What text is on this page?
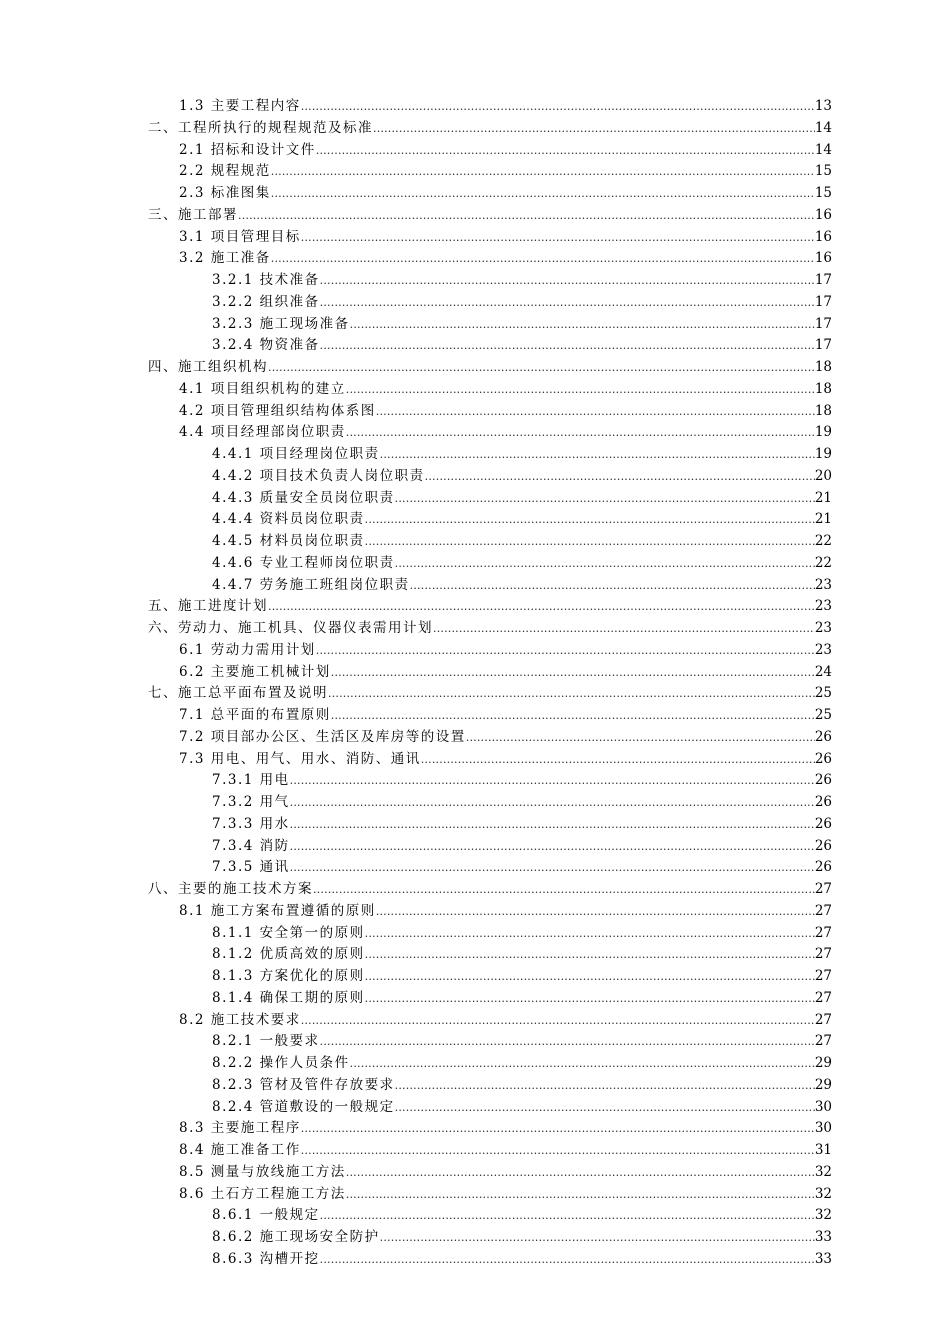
1.3 主要工程内容 .....	13
二、工程所执行的规程规范及标准 .....	14
2.1 招标和设计文件 .....	14
2.2 规程规范 .....	15
2.3 标准图集 .....	15
三、施工部署 .....	16
3.1 项目管理目标 .....	16
3.2 施工准备 .....	16
3.2.1 技术准备 .....	17
3.2.2 组织准备 .....	17
3.2.3 施工现场准备 .....	17
3.2.4 物资准备 .....	17
四、施工组织机构 .....	18
4.1 项目组织机构的建立 .....	18
4.2 项目管理组织结构体系图 .....	18
4.4 项目经理部岗位职责 .....	19
4.4.1 项目经理岗位职责 .....	19
4.4.2 项目技术负责人岗位职责 .....	20
4.4.3 质量安全员岗位职责 .....	21
4.4.4 资料员岗位职责 .....	21
4.4.5 材料员岗位职责 .....	22
4.4.6 专业工程师岗位职责 .....	22
4.4.7 劳务施工班组岗位职责 .....	23
五、施工进度计划 .....	23
六、劳动力、施工机具、仪器仪表需用计划 .....	23
6.1 劳动力需用计划 .....	23
6.2 主要施工机械计划 .....	24
七、施工总平面布置及说明 .....	25
7.1 总平面的布置原则 .....	25
7.2 项目部办公区、生活区及库房等的设置 .....	26
7.3 用电、用气、用水、消防、通讯 .....	26
7.3.1 用电 .....	26
7.3.2 用气 .....	26
7.3.3 用水 .....	26
7.3.4 消防 .....	26
7.3.5 通讯 .....	26
八、主要的施工技术方案 .....	27
8.1 施工方案布置遵循的原则 .....	27
8.1.1 安全第一的原则 .....	27
8.1.2 优质高效的原则 .....	27
8.1.3 方案优化的原则 .....	27
8.1.4 确保工期的原则 .....	27
8.2 施工技术要求 .....	27
8.2.1 一般要求 .....	27
8.2.2 操作人员条件 .....	29
8.2.3 管材及管件存放要求 .....	29
8.2.4 管道敷设的一般规定 .....	30
8.3 主要施工程序 .....	30
8.4 施工准备工作 .....	31
8.5 测量与放线施工方法 .....	32
8.6 土石方工程施工方法 .....	32
8.6.1 一般规定 .....	32
8.6.2 施工现场安全防护 .....	33
8.6.3 沟槽开挖 .....	33
